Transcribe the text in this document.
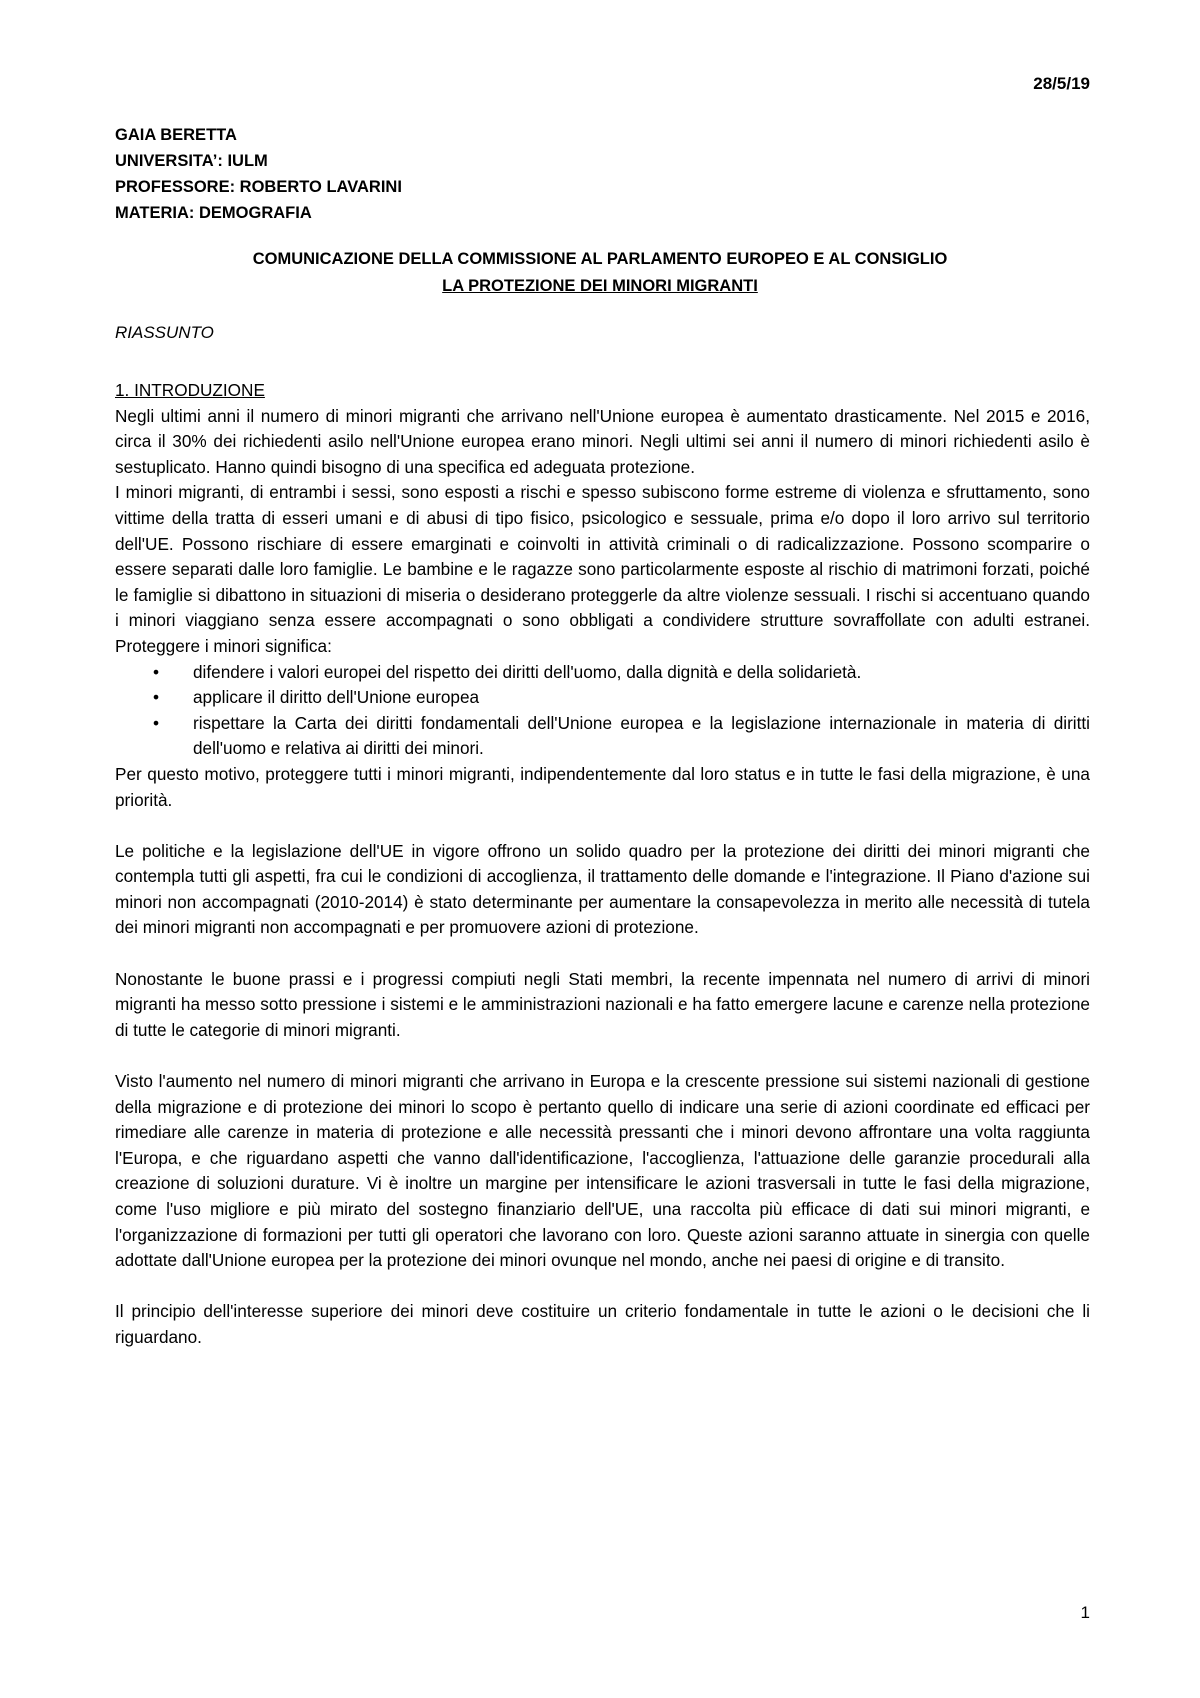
28/5/19
GAIA BERETTA
UNIVERSITA’: IULM
PROFESSORE: ROBERTO LAVARINI
MATERIA: DEMOGRAFIA
COMUNICAZIONE DELLA COMMISSIONE AL PARLAMENTO EUROPEO E AL CONSIGLIO
LA PROTEZIONE DEI MINORI MIGRANTI
RIASSUNTO

1. INTRODUZIONE

Negli ultimi anni il numero di minori migranti che arrivano nell'Unione europea è aumentato drasticamente. Nel 2015 e 2016, circa il 30% dei richiedenti asilo nell'Unione europea erano minori. Negli ultimi sei anni il numero di minori richiedenti asilo è sestuplicato. Hanno quindi bisogno di una specifica ed adeguata protezione.

I minori migranti, di entrambi i sessi, sono esposti a rischi e spesso subiscono forme estreme di violenza e sfruttamento, sono vittime della tratta di esseri umani e di abusi di tipo fisico, psicologico e sessuale, prima e/o dopo il loro arrivo sul territorio dell'UE. Possono rischiare di essere emarginati e coinvolti in attività criminali o di radicalizzazione. Possono scomparire o essere separati dalle loro famiglie. Le bambine e le ragazze sono particolarmente esposte al rischio di matrimoni forzati, poiché le famiglie si dibattono in situazioni di miseria o desiderano proteggerle da altre violenze sessuali. I rischi si accentuano quando i minori viaggiano senza essere accompagnati o sono obbligati a condividere strutture sovraffollate con adulti estranei. Proteggere i minori significa:

•	difendere i valori europei del rispetto dei diritti dell'uomo, dalla dignità e della solidarietà.
•	applicare il diritto dell'Unione europea
•	rispettare la Carta dei diritti fondamentali dell'Unione europea e la legislazione internazionale in materia di diritti dell'uomo e relativa ai diritti dei minori.

Per questo motivo, proteggere tutti i minori migranti, indipendentemente dal loro status e in tutte le fasi della migrazione, è una priorità.

Le politiche e la legislazione dell'UE in vigore offrono un solido quadro per la protezione dei diritti dei minori migranti che contempla tutti gli aspetti, fra cui le condizioni di accoglienza, il trattamento delle domande e l'integrazione. Il Piano d'azione sui minori non accompagnati (2010-2014) è stato determinante per aumentare la consapevolezza in merito alle necessità di tutela dei minori migranti non accompagnati e per promuovere azioni di protezione.

Nonostante le buone prassi e i progressi compiuti negli Stati membri, la recente impennata nel numero di arrivi di minori migranti ha messo sotto pressione i sistemi e le amministrazioni nazionali e ha fatto emergere lacune e carenze nella protezione di tutte le categorie di minori migranti.

Visto l'aumento nel numero di minori migranti che arrivano in Europa e la crescente pressione sui sistemi nazionali di gestione della migrazione e di protezione dei minori lo scopo è pertanto quello di indicare una serie di azioni coordinate ed efficaci per rimediare alle carenze in materia di protezione e alle necessità pressanti che i minori devono affrontare una volta raggiunta l'Europa, e che riguardano aspetti che vanno dall'identificazione, l'accoglienza, l'attuazione delle garanzie procedurali alla creazione di soluzioni durature. Vi è inoltre un margine per intensificare le azioni trasversali in tutte le fasi della migrazione, come l'uso migliore e più mirato del sostegno finanziario dell'UE, una raccolta più efficace di dati sui minori migranti, e l'organizzazione di formazioni per tutti gli operatori che lavorano con loro. Queste azioni saranno attuate in sinergia con quelle adottate dall'Unione europea per la protezione dei minori ovunque nel mondo, anche nei paesi di origine e di transito.

Il principio dell'interesse superiore dei minori deve costituire un criterio fondamentale in tutte le azioni o le decisioni che li riguardano.

1
